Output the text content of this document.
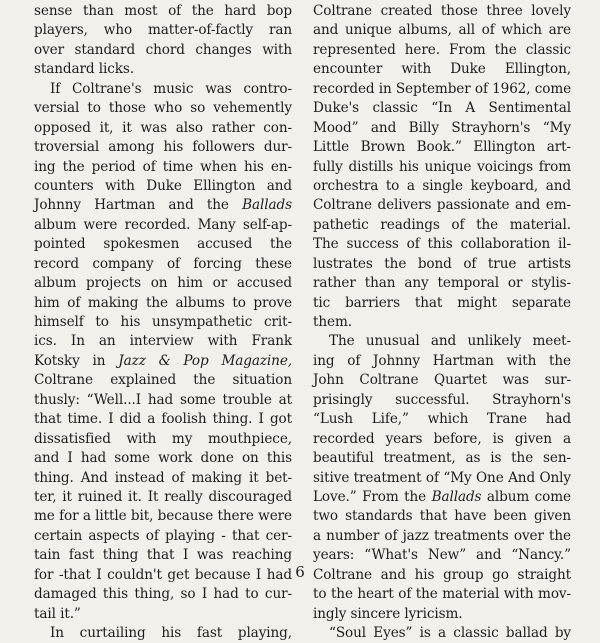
sense than most of the hard bop
players, who matter-of-factly ran
over standard chord changes with
standard licks.
If Coltrane's music was contro-
versial to those who so vehemently
opposed it, it was also rather con-
troversial among his followers dur-
ing the period of time when his en-
counters with Duke Ellington and
Johnny Hartman and the Ballads
album were recorded. Many self-ap-
pointed spokesmen accused the
record company of forcing these
album projects on him or accused
him of making the albums to prove
himself to his unsympathetic crit-
ics. In an interview with Frank
Kotsky in Jazz & Pop Magazine,
Coltrane explained the situation
thusly: “Well...I had some trouble at
that time. I did a foolish thing. I got
dissatisfied with my mouthpiece,
and I had some work done on this
thing. And instead of making it bet-
ter, it ruined it. It really discouraged
me for a little bit, because there were
certain aspects of playing - that cer-
tain fast thing that I was reaching
for -that I couldn't get because I had
damaged this thing, so I had to cur-
tail it.”
In curtailing his fast playing,
Coltrane created those three lovely
and unique albums, all of which are
represented here. From the classic
encounter with Duke Ellington,
recorded in September of 1962, come
Duke's classic “In A Sentimental
Mood” and Billy Strayhorn's “My
Little Brown Book.” Ellington art-
fully distills his unique voicings from
orchestra to a single keyboard, and
Coltrane delivers passionate and em-
pathetic readings of the material.
The success of this collaboration il-
lustrates the bond of true artists
rather than any temporal or stylis-
tic barriers that might separate
them.
The unusual and unlikely meet-
ing of Johnny Hartman with the
John Coltrane Quartet was sur-
prisingly successful. Strayhorn's
“Lush Life,” which Trane had
recorded years before, is given a
beautiful treatment, as is the sen-
sitive treatment of “My One And Only
Love.” From the Ballads album come
two standards that have been given
a number of jazz treatments over the
years: “What's New” and “Nancy.”
Coltrane and his group go straight
to the heart of the material with mov-
ingly sincere lyricism.
“Soul Eyes” is a classic ballad by
6
